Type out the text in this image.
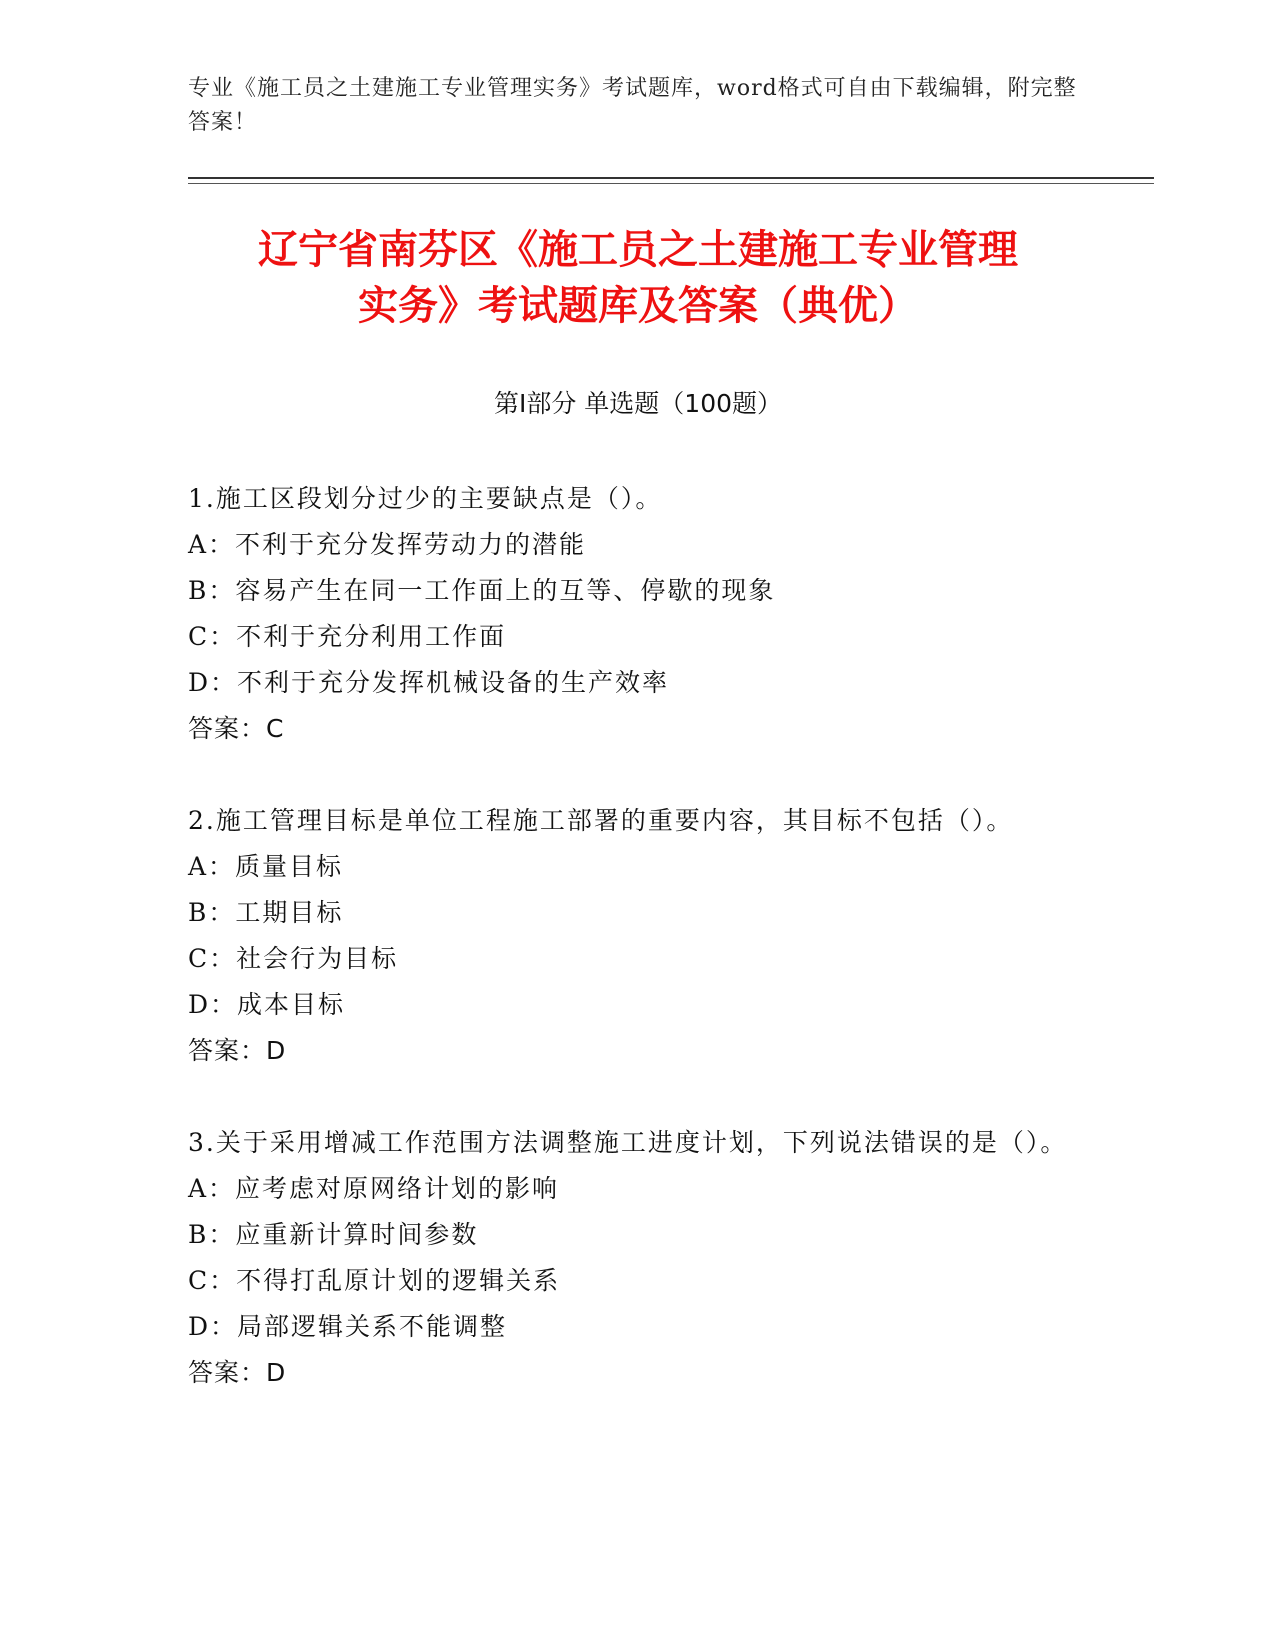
专业《施工员之土建施工专业管理实务》考试题库，word格式可自由下载编辑，附完整答案！
辽宁省南芬区《施工员之土建施工专业管理
实务》考试题库及答案（典优）
第Ⅰ部分 单选题（100题）
1.施工区段划分过少的主要缺点是（）。
A：不利于充分发挥劳动力的潜能
B：容易产生在同一工作面上的互等、停歇的现象
C：不利于充分利用工作面
D：不利于充分发挥机械设备的生产效率
答案：C
2.施工管理目标是单位工程施工部署的重要内容，其目标不包括（）。
A：质量目标
B：工期目标
C：社会行为目标
D：成本目标
答案：D
3.关于采用增减工作范围方法调整施工进度计划，下列说法错误的是（）。
A：应考虑对原网络计划的影响
B：应重新计算时间参数
C：不得打乱原计划的逻辑关系
D：局部逻辑关系不能调整
答案：D
